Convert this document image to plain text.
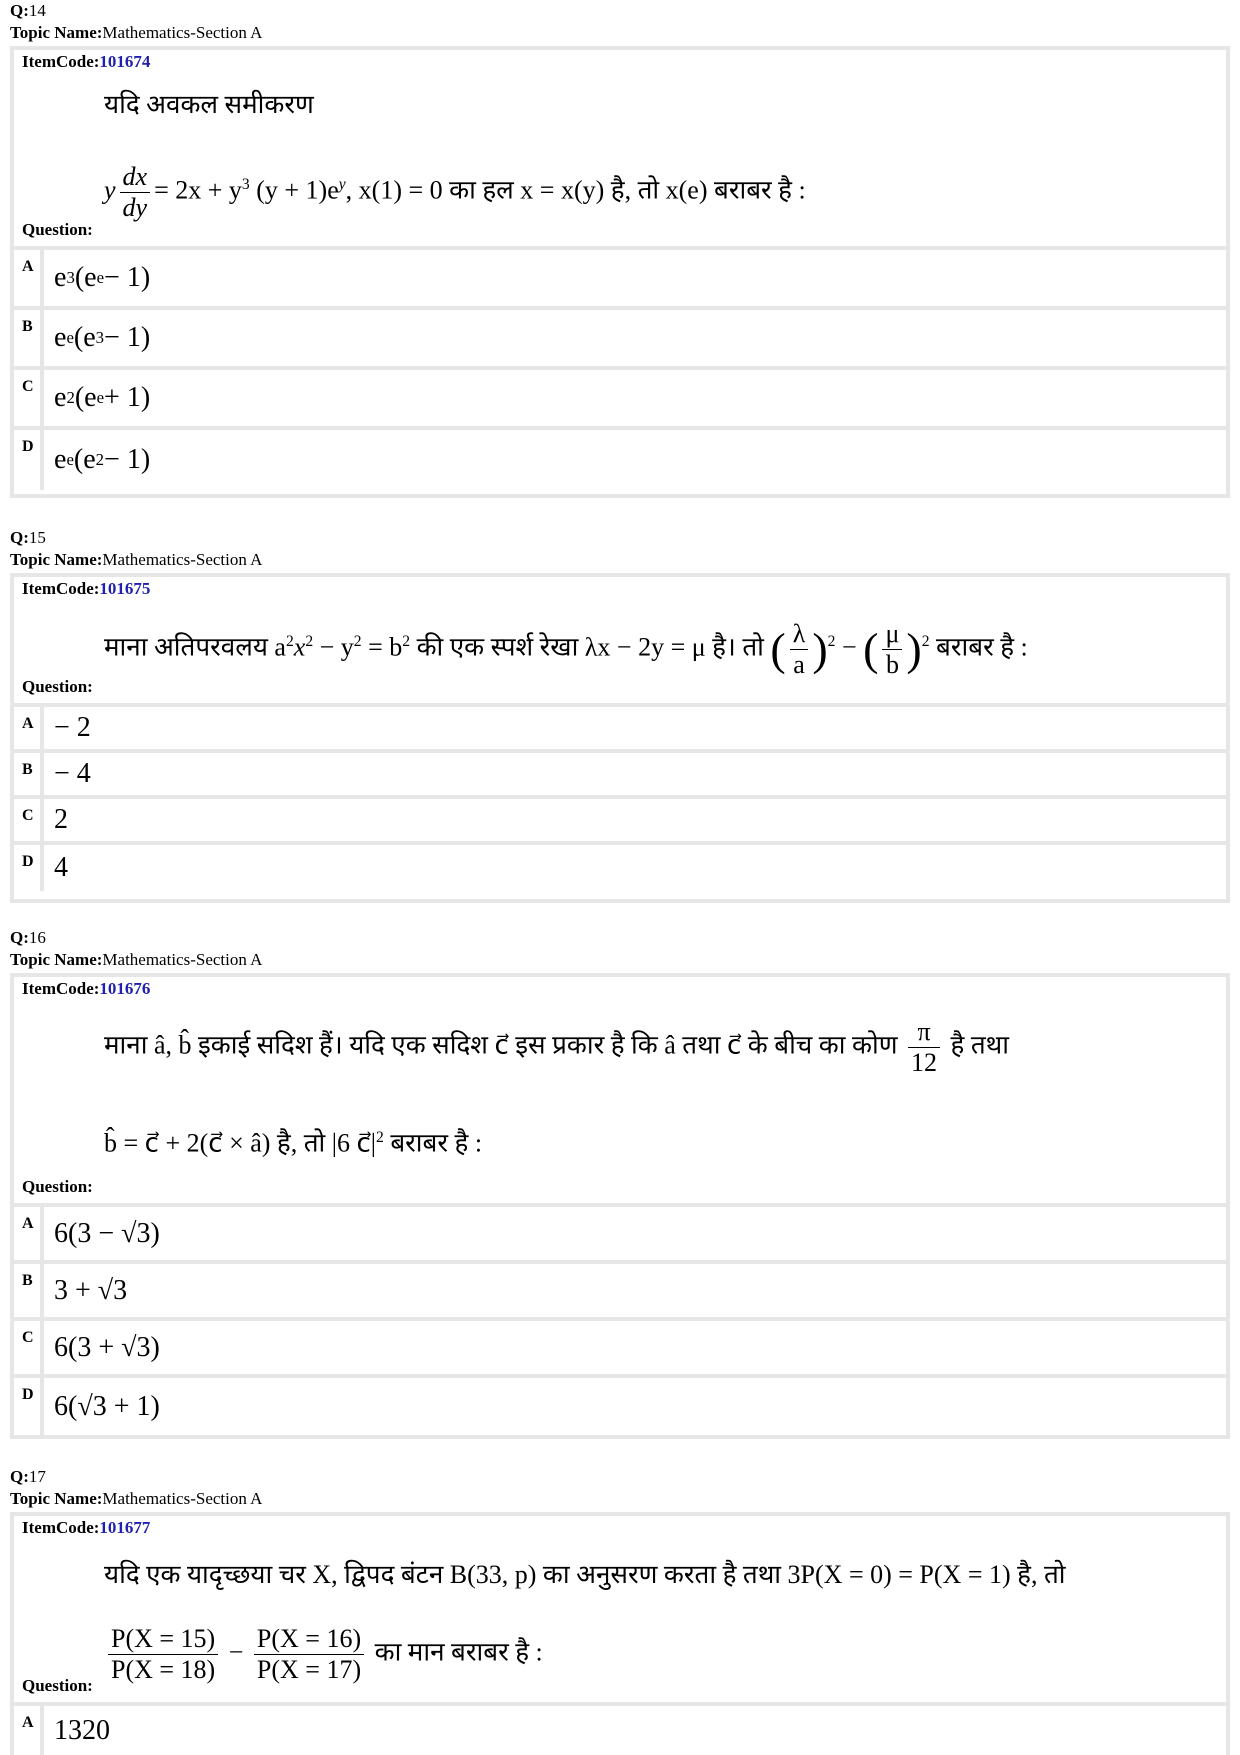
Q:14
Topic Name:Mathematics-Section A
ItemCode:101674
यदि अवकल समीकरण
y $\frac{dx}{dy} = 2x + y^3$ $(y + 1)e^y$, x(1) = 0 का हल x = x(y) है, तो x(e) बराबर है :
Question:
A e 3 (e e − 1)
B e e (e 3 − 1)
C e 2 (e e + 1)
D e e (e 2 − 1)
Q:15
Topic Name:Mathematics-Section A
ItemCode:101675
माना अतिपरवलय $a^2x^2 - y^2 = b^2$ की एक स्पर्श रेखा λx − 2y = μ है। तो ( $\frac{\lambda}{a} )^2$ − ( $\frac{\mu}{b} )^2$ बराबर है :
Question:
A − 2
B − 4
C 2
D 4
Q:16
Topic Name:Mathematics-Section A
ItemCode:101676
माना â, b̂ इकाई सदिश हैं। यदि एक सदिश c⃗ इस प्रकार है कि â तथा c⃗ के बीच का कोण $\frac{\pi}{12}$ है तथा
b̂ = c⃗ + 2(c⃗ × â) है, तो |6 $c⃗|^2$ बराबर है :
Question:
A 6(3 − √3)
B 3 + √3
C 6(3 + √3)
D 6(√3 + 1)
Q:17
Topic Name:Mathematics-Section A
ItemCode:101677
यदि एक यादृच्छया चर X, द्विपद बंटन B(33, p) का अनुसरण करता है तथा 3P(X = 0) = P(X = 1) है, तो
$\frac{P(X = 15)}{P(X = 18)} - \frac{P(X = 16)}{P(X = 17)}$ का मान बराबर है :
Question:
A 1320
